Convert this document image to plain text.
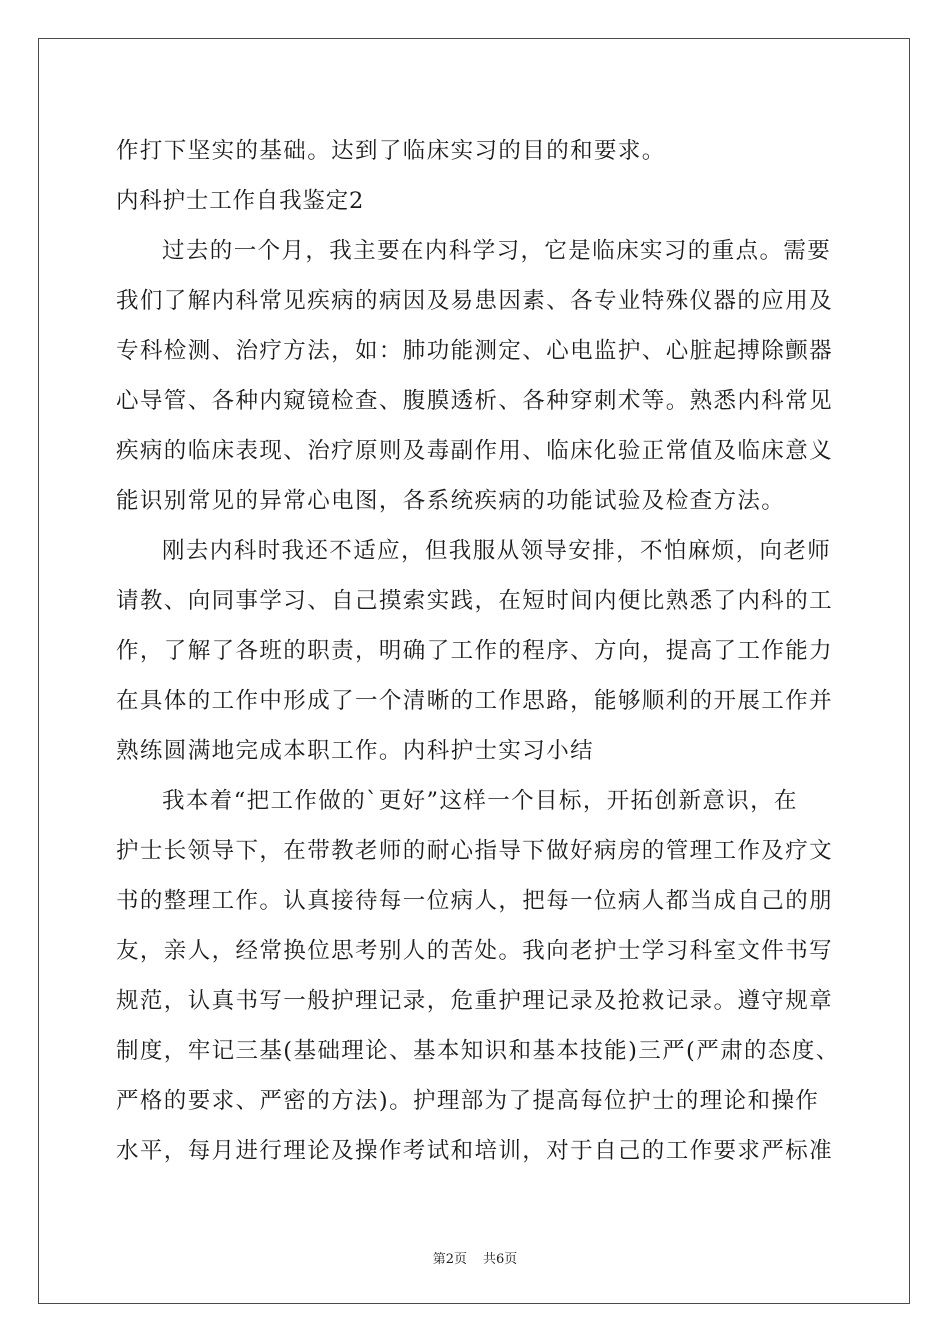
作打下坚实的基础。达到了临床实习的目的和要求。
内科护士工作自我鉴定2
过去的一个月，我主要在内科学习，它是临床实习的重点。需要
我们了解内科常见疾病的病因及易患因素、各专业特殊仪器的应用及
专科检测、治疗方法，如：肺功能测定、心电监护、心脏起搏除颤器
心导管、各种内窥镜检查、腹膜透析、各种穿刺术等。熟悉内科常见
疾病的临床表现、治疗原则及毒副作用、临床化验正常值及临床意义
能识别常见的异常心电图，各系统疾病的功能试验及检查方法。
刚去内科时我还不适应，但我服从领导安排，不怕麻烦，向老师
请教、向同事学习、自己摸索实践，在短时间内便比熟悉了内科的工
作，了解了各班的职责，明确了工作的程序、方向，提高了工作能力
在具体的工作中形成了一个清晰的工作思路，能够顺利的开展工作并
熟练圆满地完成本职工作。内科护士实习小结
我本着“把工作做的`更好”这样一个目标，开拓创新意识，在
护士长领导下，在带教老师的耐心指导下做好病房的管理工作及疗文
书的整理工作。认真接待每一位病人，把每一位病人都当成自己的朋
友，亲人，经常换位思考别人的苦处。我向老护士学习科室文件书写
规范，认真书写一般护理记录，危重护理记录及抢救记录。遵守规章
制度，牢记三基(基础理论、基本知识和基本技能)三严(严肃的态度、
严格的要求、严密的方法)。护理部为了提高每位护士的理论和操作
水平，每月进行理论及操作考试和培训，对于自己的工作要求严标准
第2页 共6页
